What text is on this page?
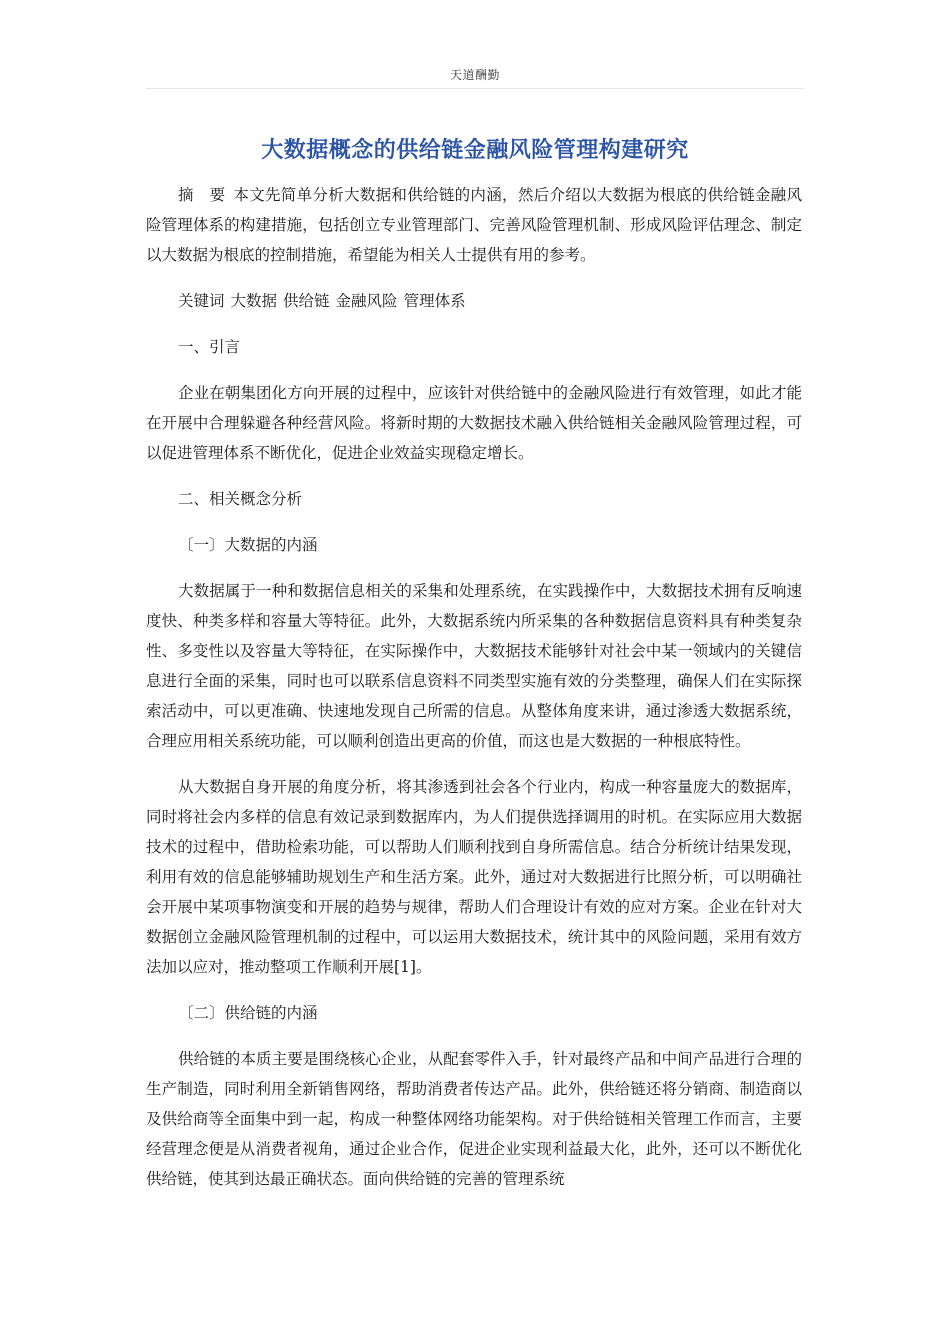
天道酬勤
大数据概念的供给链金融风险管理构建研究

摘　要 本文先简单分析大数据和供给链的内涵，然后介绍以大数据为根底的供给链金融风险管理体系的构建措施，包括创立专业管理部门、完善风险管理机制、形成风险评估理念、制定以大数据为根底的控制措施，希望能为相关人士提供有用的参考。

关键词 大数据 供给链 金融风险 管理体系

一、引言

企业在朝集团化方向开展的过程中，应该针对供给链中的金融风险进行有效管理，如此才能在开展中合理躲避各种经营风险。将新时期的大数据技术融入供给链相关金融风险管理过程，可以促进管理体系不断优化，促进企业效益实现稳定增长。

二、相关概念分析

〔一〕大数据的内涵

大数据属于一种和数据信息相关的采集和处理系统，在实践操作中，大数据技术拥有反响速度快、种类多样和容量大等特征。此外，大数据系统内所采集的各种数据信息资料具有种类复杂性、多变性以及容量大等特征，在实际操作中，大数据技术能够针对社会中某一领域内的关键信息进行全面的采集，同时也可以联系信息资料不同类型实施有效的分类整理，确保人们在实际探索活动中，可以更准确、快速地发现自己所需的信息。从整体角度来讲，通过渗透大数据系统，合理应用相关系统功能，可以顺利创造出更高的价值，而这也是大数据的一种根底特性。

从大数据自身开展的角度分析，将其渗透到社会各个行业内，构成一种容量庞大的数据库，同时将社会内多样的信息有效记录到数据库内，为人们提供选择调用的时机。在实际应用大数据技术的过程中，借助检索功能，可以帮助人们顺利找到自身所需信息。结合分析统计结果发现，利用有效的信息能够辅助规划生产和生活方案。此外，通过对大数据进行比照分析，可以明确社会开展中某项事物演变和开展的趋势与规律，帮助人们合理设计有效的应对方案。企业在针对大数据创立金融风险管理机制的过程中，可以运用大数据技术，统计其中的风险问题，采用有效方法加以应对，推动整项工作顺利开展[1]。

〔二〕供给链的内涵

供给链的本质主要是围绕核心企业，从配套零件入手，针对最终产品和中间产品进行合理的生产制造，同时利用全新销售网络，帮助消费者传达产品。此外，供给链还将分销商、制造商以及供给商等全面集中到一起，构成一种整体网络功能架构。对于供给链相关管理工作而言，主要经营理念便是从消费者视角，通过企业合作，促进企业实现利益最大化，此外，还可以不断优化供给链，使其到达最正确状态。面向供给链的完善的管理系统
